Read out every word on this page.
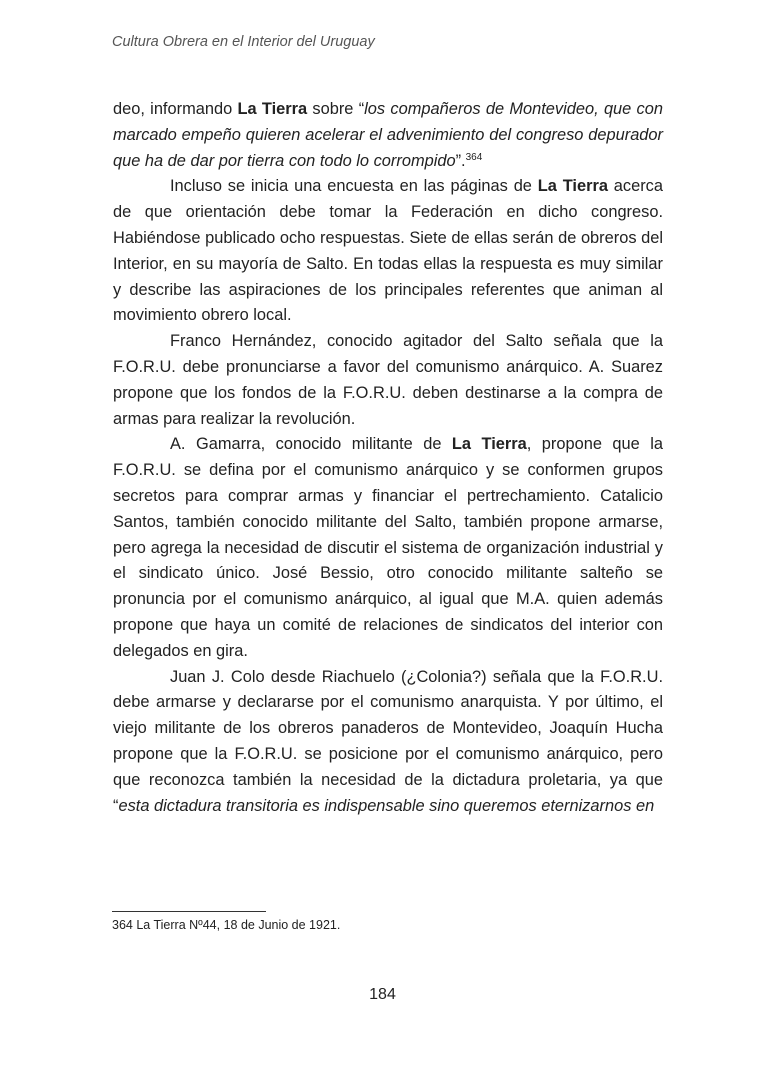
Cultura Obrera en el Interior del Uruguay

deo, informando La Tierra sobre “los compañeros de Montevideo, que con marcado empeño quieren acelerar el advenimiento del congreso depurador que ha de dar por tierra con todo lo corrompido”.$^{364}$

Incluso se inicia una encuesta en las páginas de La Tierra acerca de que orientación debe tomar la Federación en dicho congreso. Habiéndose publicado ocho respuestas. Siete de ellas serán de obreros del Interior, en su mayoría de Salto. En todas ellas la respuesta es muy similar y describe las aspiraciones de los principales referentes que animan al movimiento obrero local.

Franco Hernández, conocido agitador del Salto señala que la F.O.R.U. debe pronunciarse a favor del comunismo anárquico. A. Suarez propone que los fondos de la F.O.R.U. deben destinarse a la compra de armas para realizar la revolución.

A. Gamarra, conocido militante de La Tierra, propone que la F.O.R.U. se defina por el comunismo anárquico y se conformen grupos secretos para comprar armas y financiar el pertrechamiento. Catalicio Santos, también conocido militante del Salto, también propone armarse, pero agrega la necesidad de discutir el sistema de organización industrial y el sindicato único. José Bessio, otro conocido militante salteño se pronuncia por el comunismo anárquico, al igual que M.A. quien además propone que haya un comité de relaciones de sindicatos del interior con delegados en gira.

Juan J. Colo desde Riachuelo (¿Colonia?) señala que la F.O.R.U. debe armarse y declararse por el comunismo anarquista. Y por último, el viejo militante de los obreros panaderos de Montevideo, Joaquín Hucha propone que la F.O.R.U. se posicione por el comunismo anárquico, pero que reconozca también la necesidad de la dictadura proletaria, ya que “esta dictadura transitoria es indispensable sino queremos eternizarnos en

364 La Tierra Nº44, 18 de Junio de 1921.
184
